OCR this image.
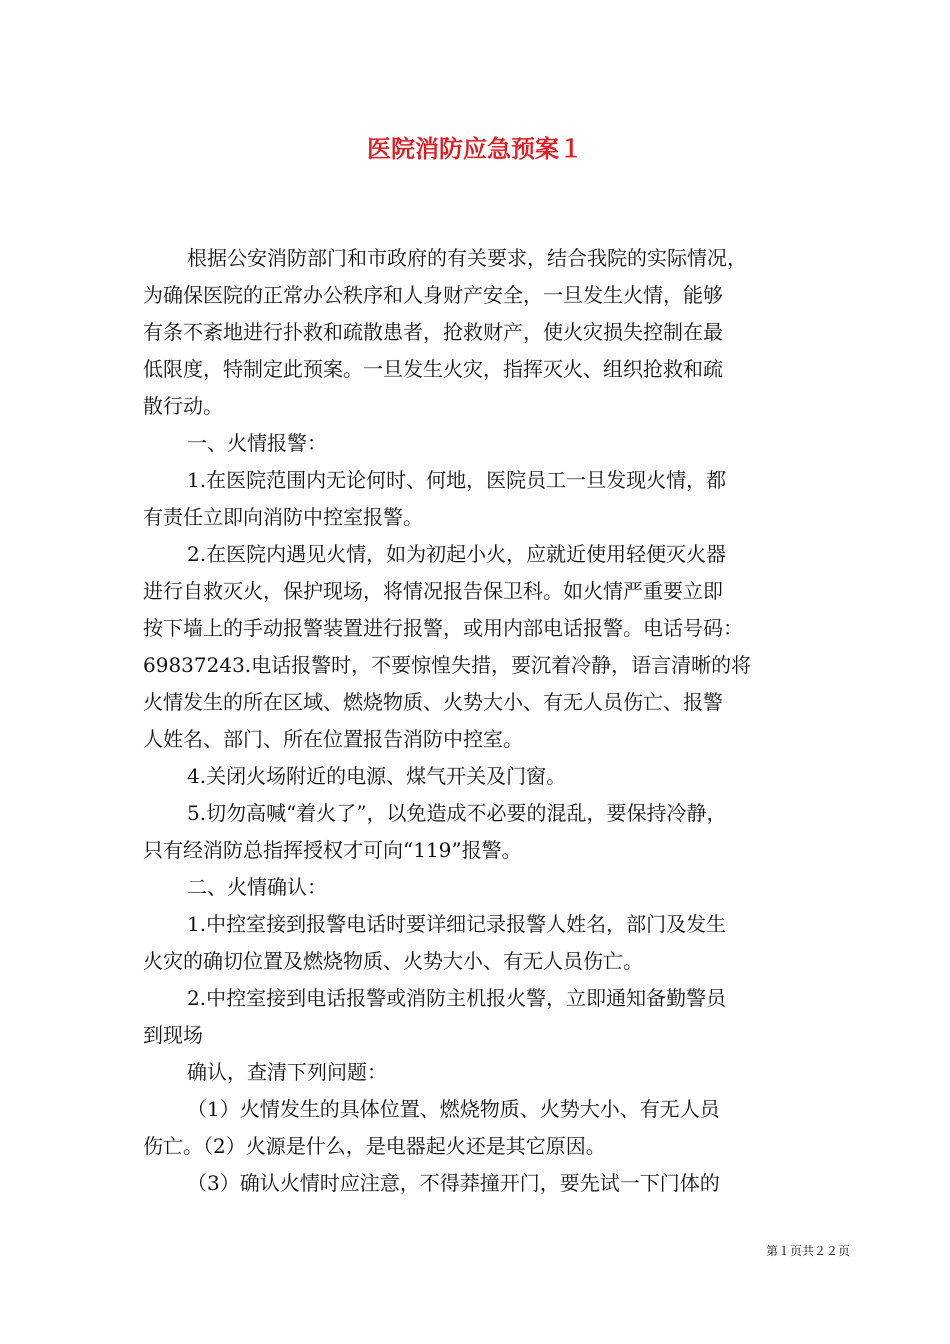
医院消防应急预案１
根据公安消防部门和市政府的有关要求，结合我院的实际情况，
为确保医院的正常办公秩序和人身财产安全，一旦发生火情，能够
有条不紊地进行扑救和疏散患者，抢救财产，使火灾损失控制在最
低限度，特制定此预案。一旦发生火灾，指挥灭火、组织抢救和疏
散行动。
一、火情报警：
1.在医院范围内无论何时、何地，医院员工一旦发现火情，都
有责任立即向消防中控室报警。
2.在医院内遇见火情，如为初起小火，应就近使用轻便灭火器
进行自救灭火，保护现场，将情况报告保卫科。如火情严重要立即
按下墙上的手动报警装置进行报警，或用内部电话报警。电话号码：
69837243.电话报警时，不要惊惶失措，要沉着冷静，语言清晰的将
火情发生的所在区域、燃烧物质、火势大小、有无人员伤亡、报警
人姓名、部门、所在位置报告消防中控室。
4.关闭火场附近的电源、煤气开关及门窗。
5.切勿高喊“着火了”，以免造成不必要的混乱，要保持冷静，
只有经消防总指挥授权才可向“119”报警。
二、火情确认：
1.中控室接到报警电话时要详细记录报警人姓名，部门及发生
火灾的确切位置及燃烧物质、火势大小、有无人员伤亡。
2.中控室接到电话报警或消防主机报火警，立即通知备勤警员
到现场
确认，查清下列问题：
（1）火情发生的具体位置、燃烧物质、火势大小、有无人员
伤亡。（2）火源是什么，是电器起火还是其它原因。
（3）确认火情时应注意，不得莽撞开门，要先试一下门体的
第１页共２２页
